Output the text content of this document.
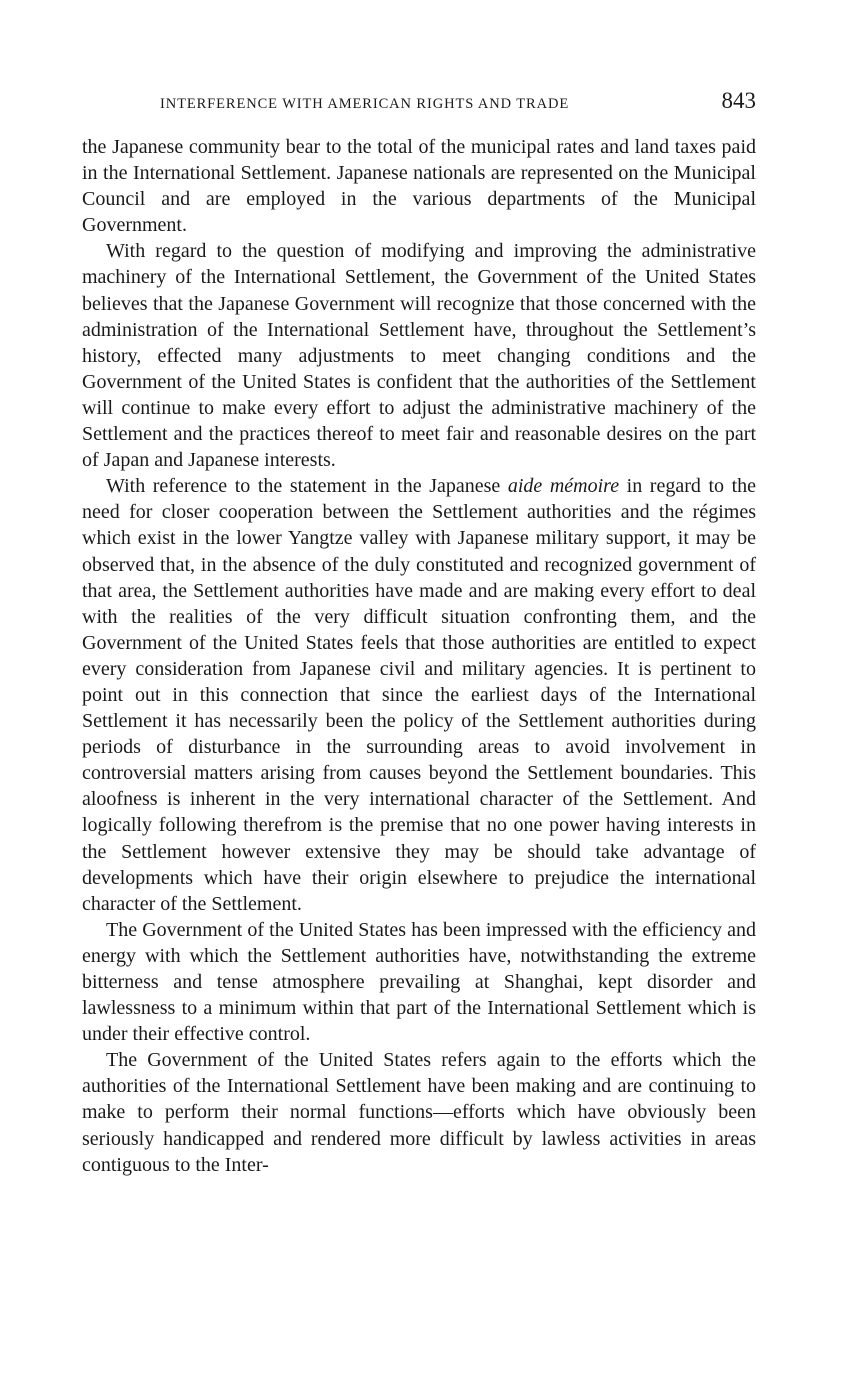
INTERFERENCE WITH AMERICAN RIGHTS AND TRADE	843

the Japanese community bear to the total of the municipal rates and land taxes paid in the International Settlement. Japanese nationals are represented on the Municipal Council and are employed in the various departments of the Municipal Government.

With regard to the question of modifying and improving the administrative machinery of the International Settlement, the Government of the United States believes that the Japanese Government will recognize that those concerned with the administration of the International Settlement have, throughout the Settlement’s history, effected many adjustments to meet changing conditions and the Government of the United States is confident that the authorities of the Settlement will continue to make every effort to adjust the administrative machinery of the Settlement and the practices thereof to meet fair and reasonable desires on the part of Japan and Japanese interests.

With reference to the statement in the Japanese aide mémoire in regard to the need for closer cooperation between the Settlement authorities and the régimes which exist in the lower Yangtze valley with Japanese military support, it may be observed that, in the absence of the duly constituted and recognized government of that area, the Settlement authorities have made and are making every effort to deal with the realities of the very difficult situation confronting them, and the Government of the United States feels that those authorities are entitled to expect every consideration from Japanese civil and military agencies. It is pertinent to point out in this connection that since the earliest days of the International Settlement it has necessarily been the policy of the Settlement authorities during periods of disturbance in the surrounding areas to avoid involvement in controversial matters arising from causes beyond the Settlement boundaries. This aloofness is inherent in the very international character of the Settlement. And logically following therefrom is the premise that no one power having interests in the Settlement however extensive they may be should take advantage of developments which have their origin elsewhere to prejudice the international character of the Settlement.

The Government of the United States has been impressed with the efficiency and energy with which the Settlement authorities have, notwithstanding the extreme bitterness and tense atmosphere prevailing at Shanghai, kept disorder and lawlessness to a minimum within that part of the International Settlement which is under their effective control.

The Government of the United States refers again to the efforts which the authorities of the International Settlement have been making and are continuing to make to perform their normal functions—efforts which have obviously been seriously handicapped and rendered more difficult by lawless activities in areas contiguous to the Inter-
